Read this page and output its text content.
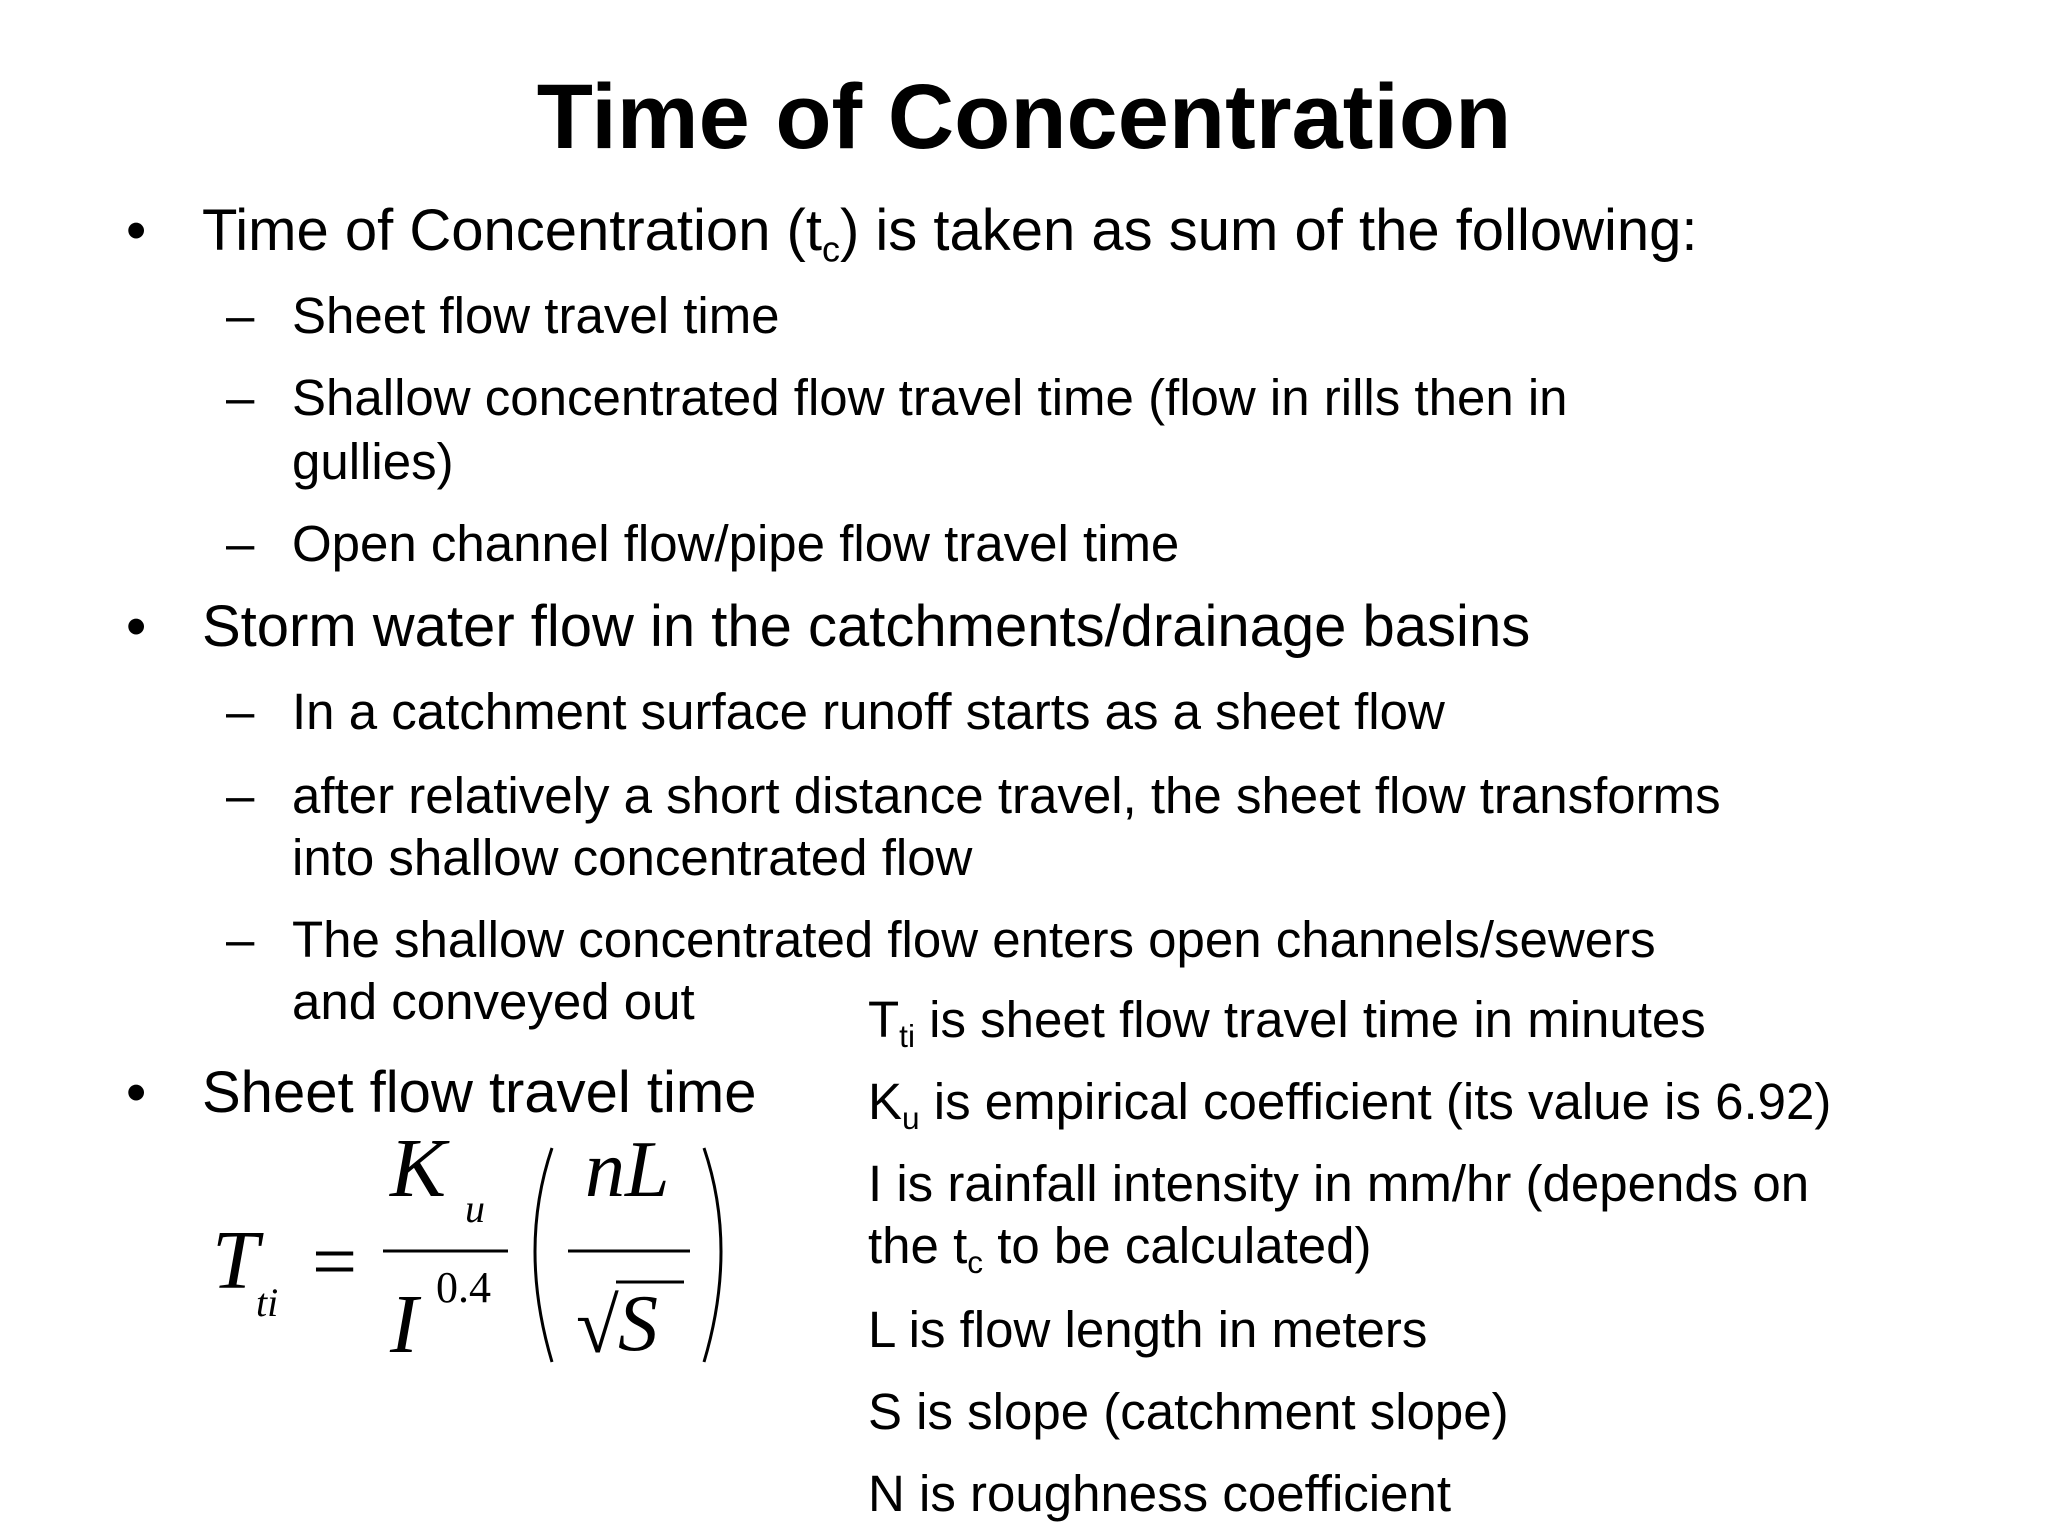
Time of Concentration
• Time of Concentration $(t_c)$ is taken as sum of the following:
– Sheet flow travel time
– Shallow concentrated flow travel time (flow in rills then in
gullies)
– Open channel flow/pipe flow travel time
• Storm water flow in the catchments/drainage basins
– In a catchment surface runoff starts as a sheet flow
– after relatively a short distance travel, the sheet flow transforms
into shallow concentrated flow
– The shallow concentrated flow enters open channels/sewers
and conveyed out
• Sheet flow travel time
T
ti
K u
I
nL
S
= 0.4 √
$T_{ti}$ is sheet flow travel time in minutes
$K_u$ is empirical coefficient (its value is 6.92)
I is rainfall intensity in mm/hr (depends on
the $t_c$ to be calculated)
L is flow length in meters
S is slope (catchment slope)
N is roughness coefficient
